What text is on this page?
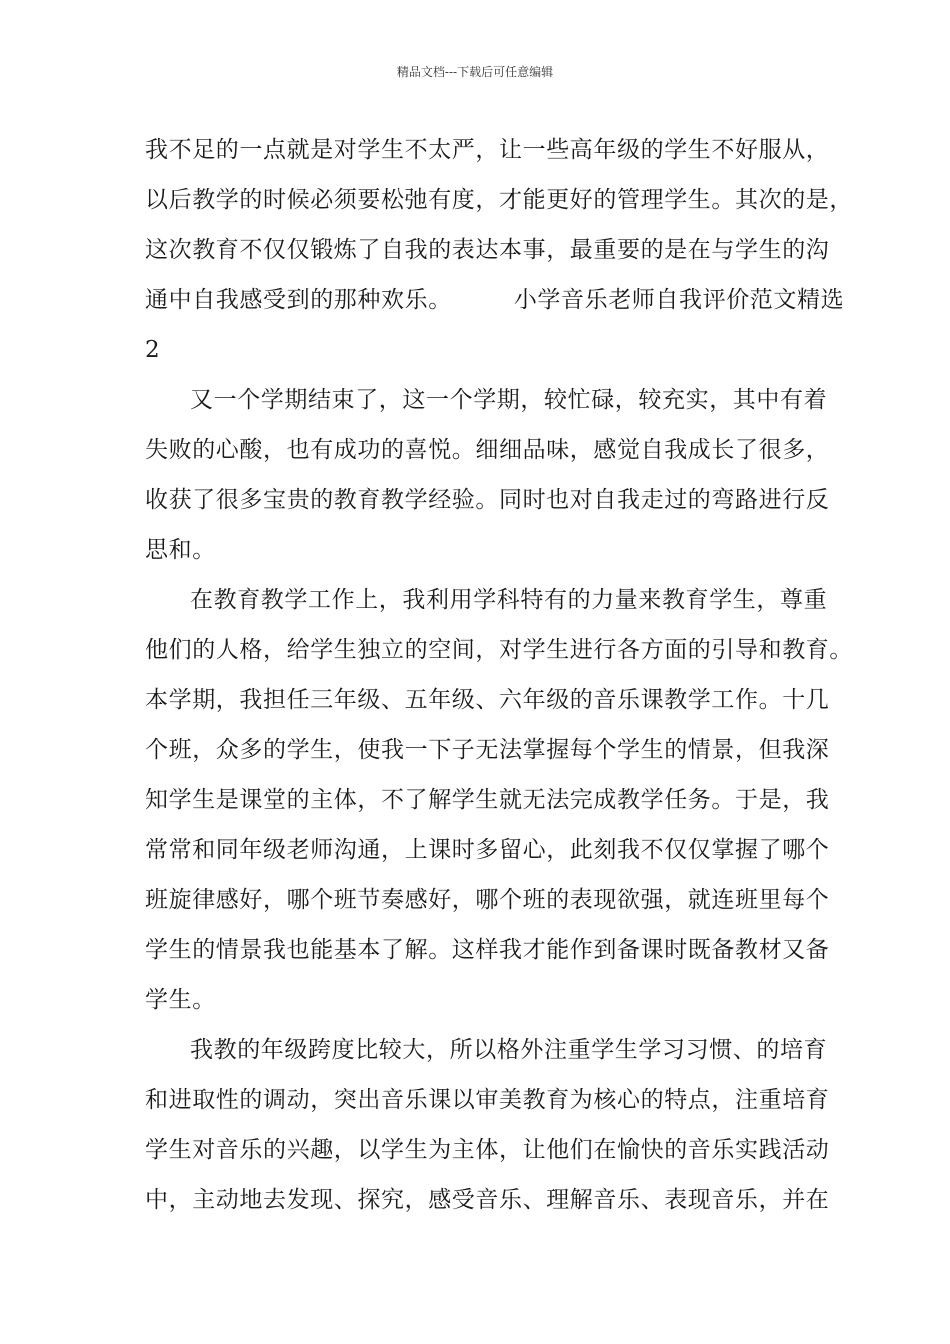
精品文档---下载后可任意编辑
我不足的一点就是对学生不太严，让一些高年级的学生不好服从，
以后教学的时候必须要松弛有度，才能更好的管理学生。其次的是，
这次教育不仅仅锻炼了自我的表达本事，最重要的是在与学生的沟
通中自我感受到的那种欢乐。	小学音乐老师自我评价范文精选
2
又一个学期结束了，这一个学期，较忙碌，较充实，其中有着
失败的心酸，也有成功的喜悦。细细品味，感觉自我成长了很多，
收获了很多宝贵的教育教学经验。同时也对自我走过的弯路进行反
思和。
在教育教学工作上，我利用学科特有的力量来教育学生，尊重
他们的人格，给学生独立的空间，对学生进行各方面的引导和教育。
本学期，我担任三年级、五年级、六年级的音乐课教学工作。十几
个班，众多的学生，使我一下子无法掌握每个学生的情景，但我深
知学生是课堂的主体，不了解学生就无法完成教学任务。于是，我
常常和同年级老师沟通，上课时多留心，此刻我不仅仅掌握了哪个
班旋律感好，哪个班节奏感好，哪个班的表现欲强，就连班里每个
学生的情景我也能基本了解。这样我才能作到备课时既备教材又备
学生。
我教的年级跨度比较大，所以格外注重学生学习习惯、的培育
和进取性的调动，突出音乐课以审美教育为核心的特点，注重培育
学生对音乐的兴趣，以学生为主体，让他们在愉快的音乐实践活动
中，主动地去发现、探究，感受音乐、理解音乐、表现音乐，并在
